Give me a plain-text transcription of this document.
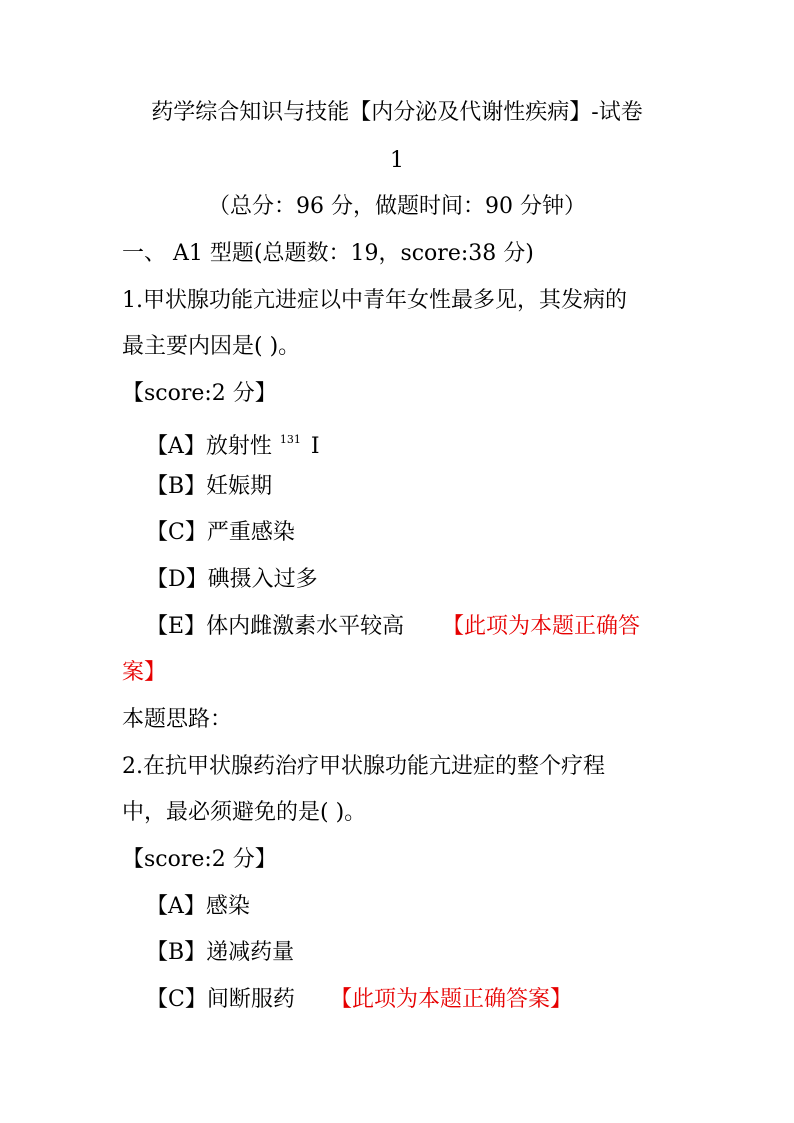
药学综合知识与技能【内分泌及代谢性疾病】-试卷
1
（总分：96 分，做题时间：90 分钟）
一、 A1 型题(总题数：19，score:38 分)
1.甲状腺功能亢进症以中青年女性最多见，其发病的
最主要内因是( )。
【score:2 分】
【A】放射性 $^{131}$ I
【B】妊娠期
【C】严重感染
【D】碘摄入过多
【E】体内雌激素水平较高 【此项为本题正确答
案】
本题思路：
2.在抗甲状腺药治疗甲状腺功能亢进症的整个疗程
中，最必须避免的是( )。
【score:2 分】
【A】感染
【B】递减药量
【C】间断服药 【此项为本题正确答案】
